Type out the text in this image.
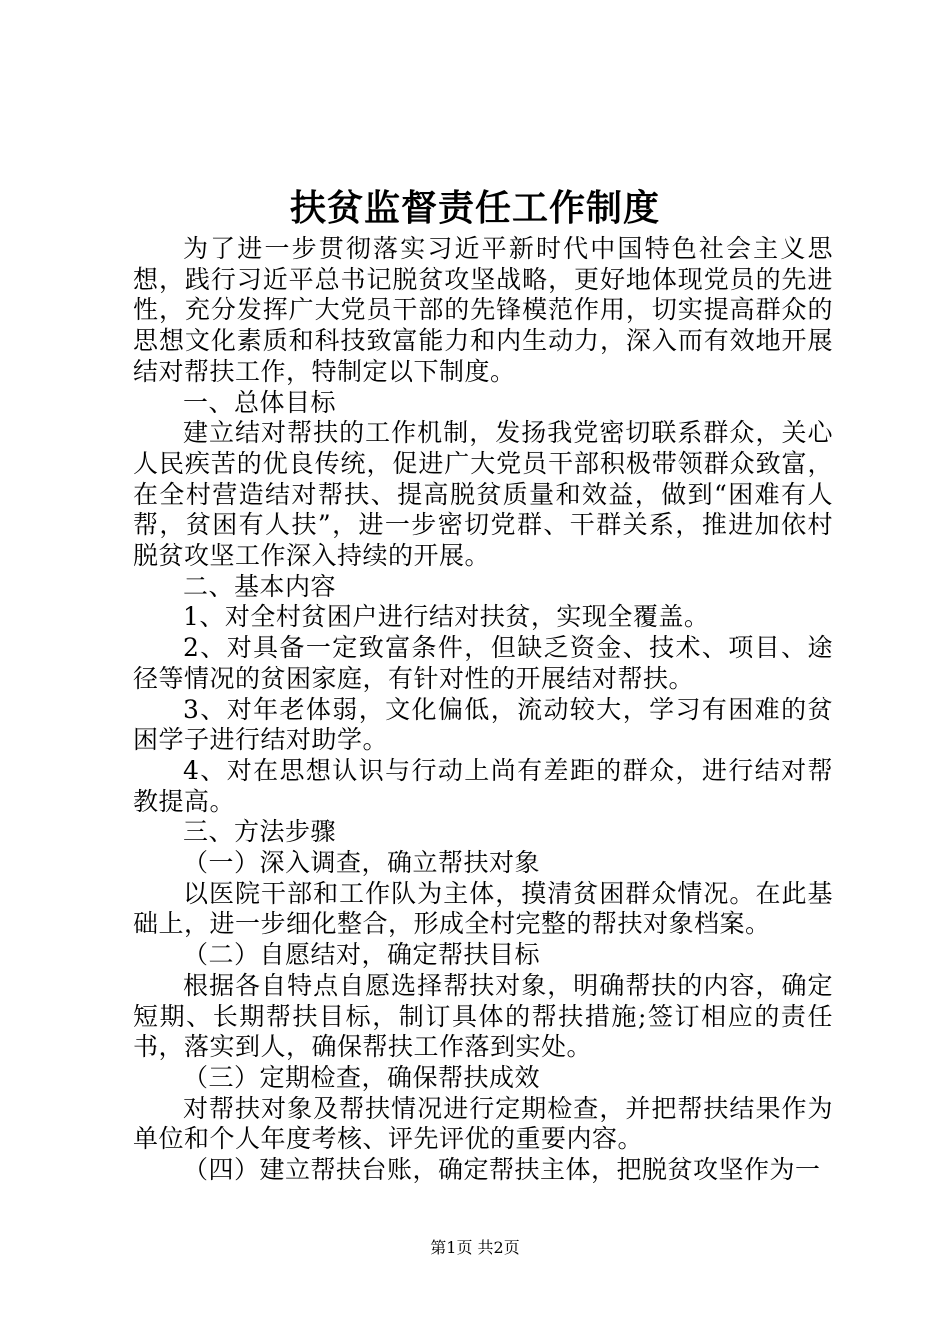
扶贫监督责任工作制度

为了进一步贯彻落实习近平新时代中国特色社会主义思想，践行习近平总书记脱贫攻坚战略，更好地体现党员的先进性，充分发挥广大党员干部的先锋模范作用，切实提高群众的思想文化素质和科技致富能力和内生动力，深入而有效地开展结对帮扶工作，特制定以下制度。

一、总体目标

建立结对帮扶的工作机制，发扬我党密切联系群众，关心人民疾苦的优良传统，促进广大党员干部积极带领群众致富，在全村营造结对帮扶、提高脱贫质量和效益，做到“困难有人帮，贫困有人扶”，进一步密切党群、干群关系，推进加依村脱贫攻坚工作深入持续的开展。

二、基本内容

1、对全村贫困户进行结对扶贫，实现全覆盖。

2、对具备一定致富条件，但缺乏资金、技术、项目、途径等情况的贫困家庭，有针对性的开展结对帮扶。

3、对年老体弱，文化偏低，流动较大，学习有困难的贫困学子进行结对助学。

4、对在思想认识与行动上尚有差距的群众，进行结对帮教提高。

三、方法步骤

（一）深入调查，确立帮扶对象

以医院干部和工作队为主体，摸清贫困群众情况。在此基础上，进一步细化整合，形成全村完整的帮扶对象档案。

（二）自愿结对，确定帮扶目标

根据各自特点自愿选择帮扶对象，明确帮扶的内容，确定短期、长期帮扶目标，制订具体的帮扶措施;签订相应的责任书，落实到人，确保帮扶工作落到实处。

（三）定期检查，确保帮扶成效

对帮扶对象及帮扶情况进行定期检查，并把帮扶结果作为单位和个人年度考核、评先评优的重要内容。

（四）建立帮扶台账，确定帮扶主体，把脱贫攻坚作为一

第1页 共2页
